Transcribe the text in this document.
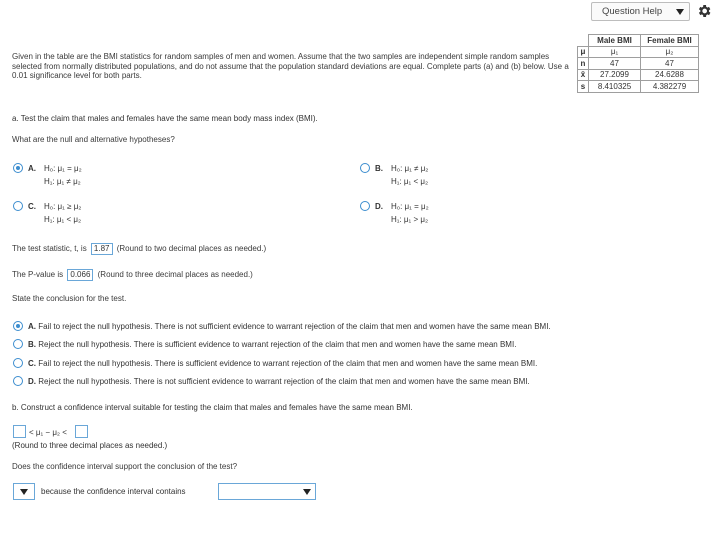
Question Help
Given in the table are the BMI statistics for random samples of men and women. Assume that the two samples are independent simple random samples selected from normally distributed populations, and do not assume that the population standard deviations are equal. Complete parts (a) and (b) below. Use a 0.01 significance level for both parts.
	Male BMI	Female BMI
μ	μ₁	μ₂
n	47	47
x̄	27.2099	24.6288
s	8.410325	4.382279
a. Test the claim that males and females have the same mean body mass index (BMI).
What are the null and alternative hypotheses?
A. H₀: μ₁ = μ₂
H₁: μ₁ ≠ μ₂
B. H₀: μ₁ ≠ μ₂
H₁: μ₁ < μ₂
C. H₀: μ₁ ≥ μ₂
H₁: μ₁ < μ₂
D. H₀: μ₁ = μ₂
H₁: μ₁ > μ₂
The test statistic, t, is 1.87 (Round to two decimal places as needed.)
The P-value is 0.066 (Round to three decimal places as needed.)
State the conclusion for the test.
A. Fail to reject the null hypothesis. There is not sufficient evidence to warrant rejection of the claim that men and women have the same mean BMI.
B. Reject the null hypothesis. There is sufficient evidence to warrant rejection of the claim that men and women have the same mean BMI.
C. Fail to reject the null hypothesis. There is sufficient evidence to warrant rejection of the claim that men and women have the same mean BMI.
D. Reject the null hypothesis. There is not sufficient evidence to warrant rejection of the claim that men and women have the same mean BMI.
b. Construct a confidence interval suitable for testing the claim that males and females have the same mean BMI.
< μ₁ − μ₂ <
(Round to three decimal places as needed.)
Does the confidence interval support the conclusion of the test?
because the confidence interval contains
